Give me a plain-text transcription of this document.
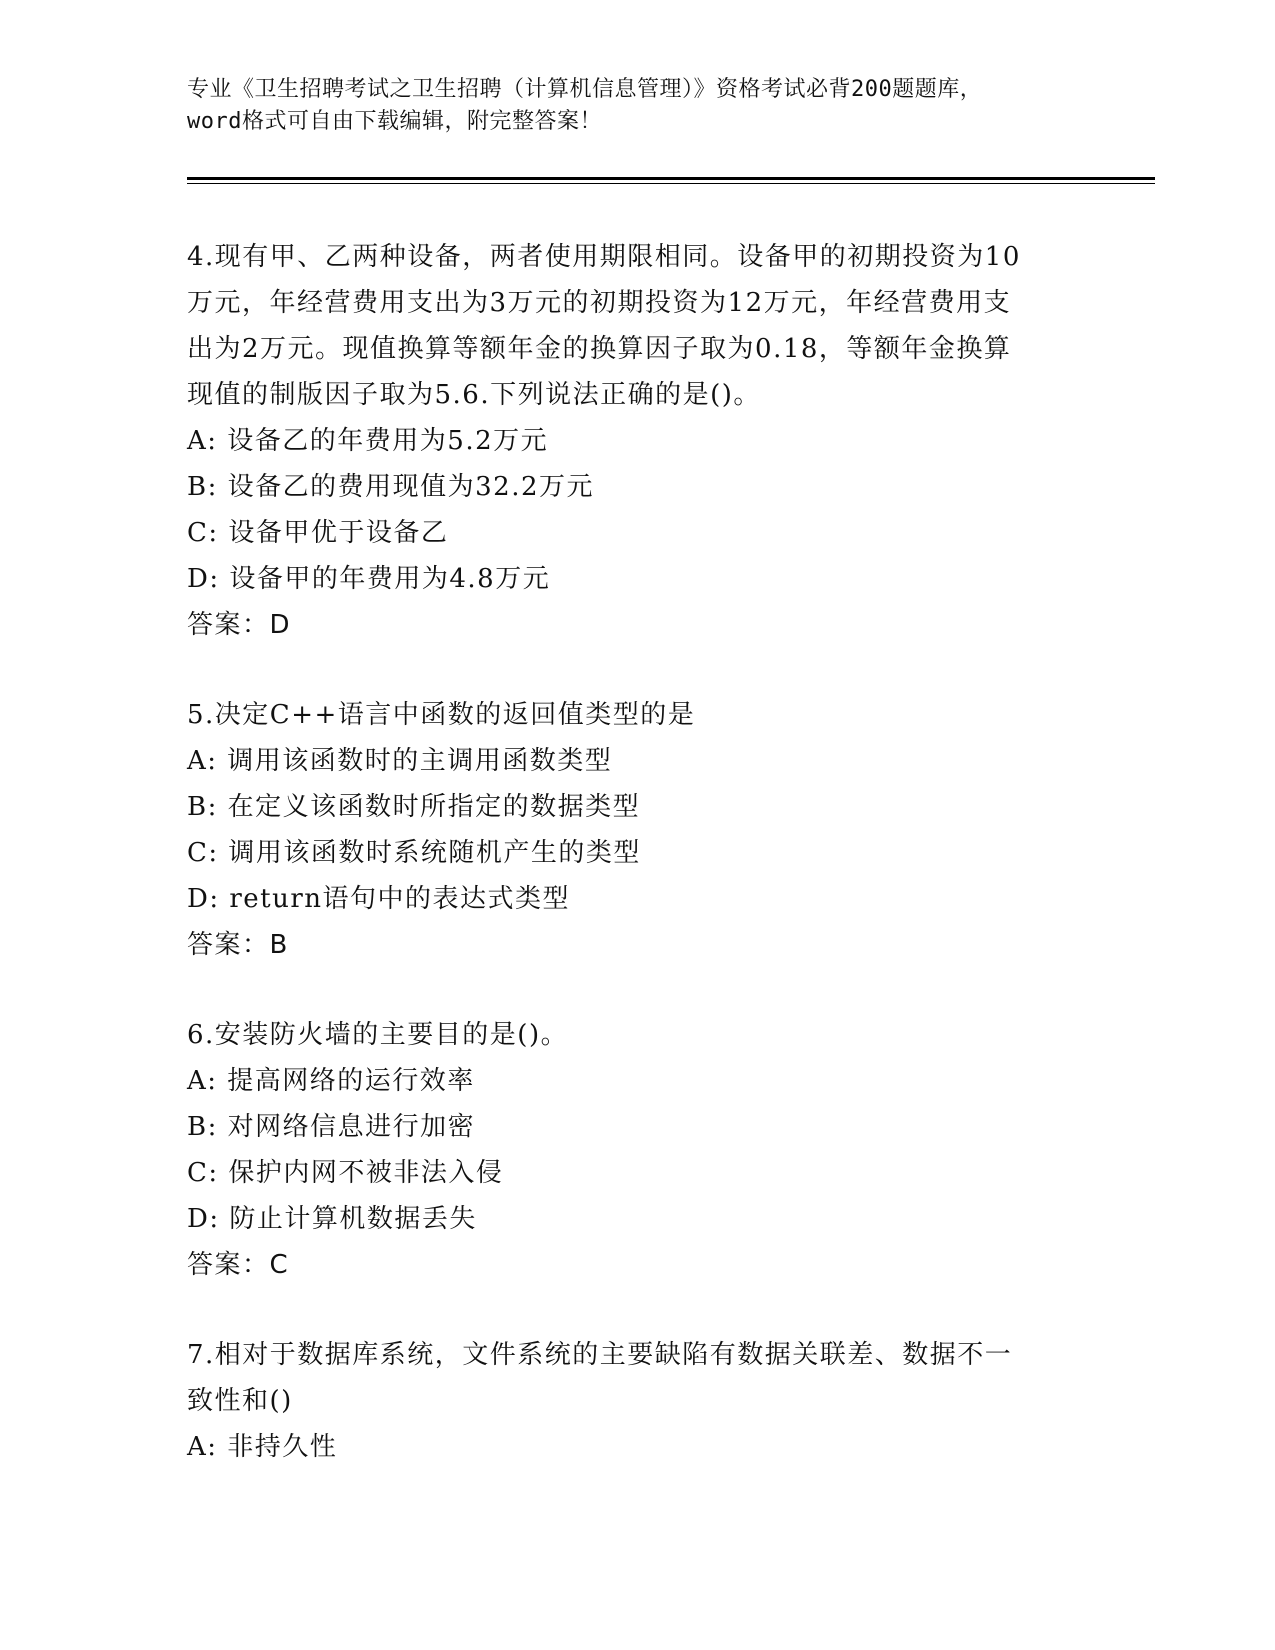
专业《卫生招聘考试之卫生招聘（计算机信息管理）》资格考试必背200题题库，
word格式可自由下载编辑，附完整答案！
4.现有甲、乙两种设备，两者使用期限相同。设备甲的初期投资为10
万元，年经营费用支出为3万元的初期投资为12万元，年经营费用支
出为2万元。现值换算等额年金的换算因子取为0.18，等额年金换算
现值的制版因子取为5.6.下列说法正确的是()。
A: 设备乙的年费用为5.2万元
B: 设备乙的费用现值为32.2万元
C: 设备甲优于设备乙
D: 设备甲的年费用为4.8万元
答案：D
5.决定C++语言中函数的返回值类型的是
A: 调用该函数时的主调用函数类型
B: 在定义该函数时所指定的数据类型
C: 调用该函数时系统随机产生的类型
D: return语句中的表达式类型
答案：B
6.安装防火墙的主要目的是()。
A: 提高网络的运行效率
B: 对网络信息进行加密
C: 保护内网不被非法入侵
D: 防止计算机数据丢失
答案：C
7.相对于数据库系统，文件系统的主要缺陷有数据关联差、数据不一
致性和()
A: 非持久性
